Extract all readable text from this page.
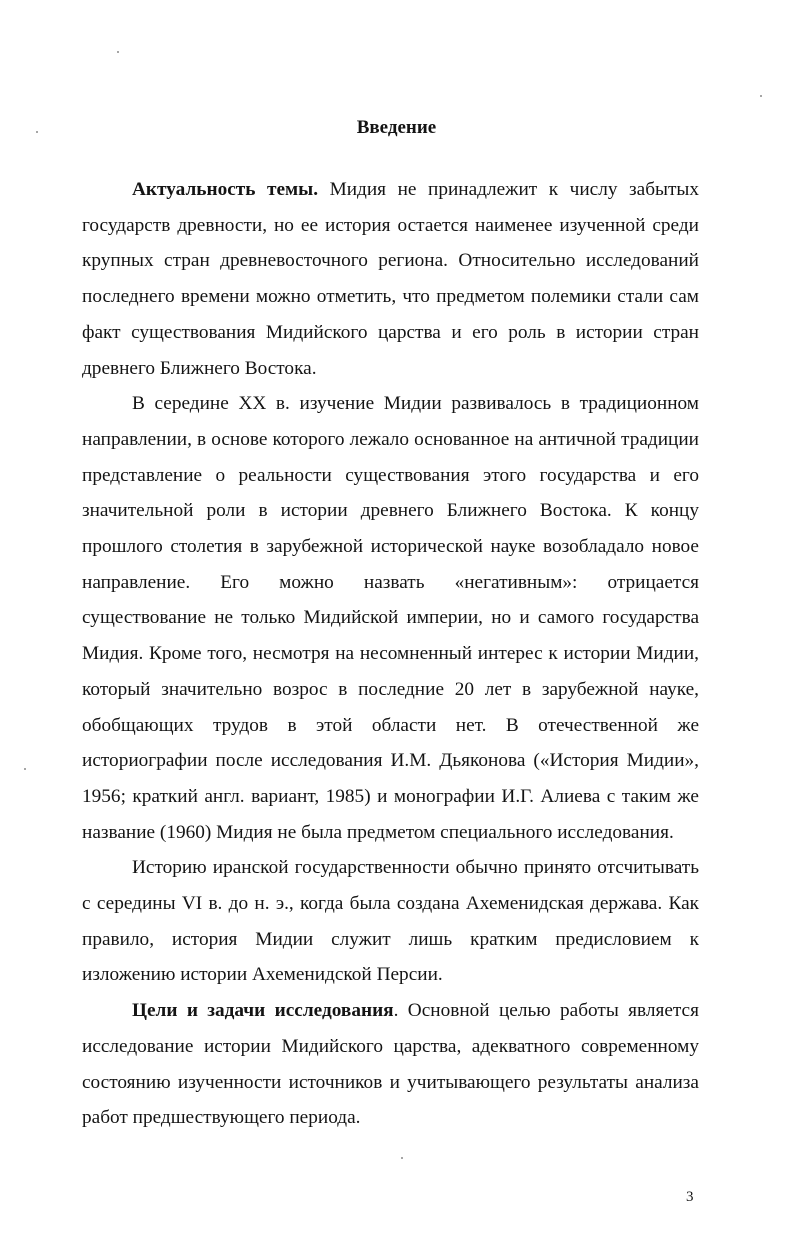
Введение

Актуальность темы. Мидия не принадлежит к числу забытых государств древности, но ее история остается наименее изученной среди крупных стран древневосточного региона. Относительно исследований последнего времени можно отметить, что предметом полемики стали сам факт существования Мидийского царства и его роль в истории стран древнего Ближнего Востока.

В середине XX в. изучение Мидии развивалось в традиционном направлении, в основе которого лежало основанное на античной традиции представление о реальности существования этого государства и его значительной роли в истории древнего Ближнего Востока. К концу прошлого столетия в зарубежной исторической науке возобладало новое направление. Его можно назвать «негативным»: отрицается существование не только Мидийской империи, но и самого государства Мидия. Кроме того, несмотря на несомненный интерес к истории Мидии, который значительно возрос в последние 20 лет в зарубежной науке, обобщающих трудов в этой области нет. В отечественной же историографии после исследования И.М. Дьяконова («История Мидии», 1956; краткий англ. вариант, 1985) и монографии И.Г. Алиева с таким же название (1960) Мидия не была предметом специального исследования.

Историю иранской государственности обычно принято отсчитывать с середины VI в. до н. э., когда была создана Ахеменидская держава. Как правило, история Мидии служит лишь кратким предисловием к изложению истории Ахеменидской Персии.

Цели и задачи исследования. Основной целью работы является исследование истории Мидийского царства, адекватного современному состоянию изученности источников и учитывающего результаты анализа работ предшествующего периода.

3
